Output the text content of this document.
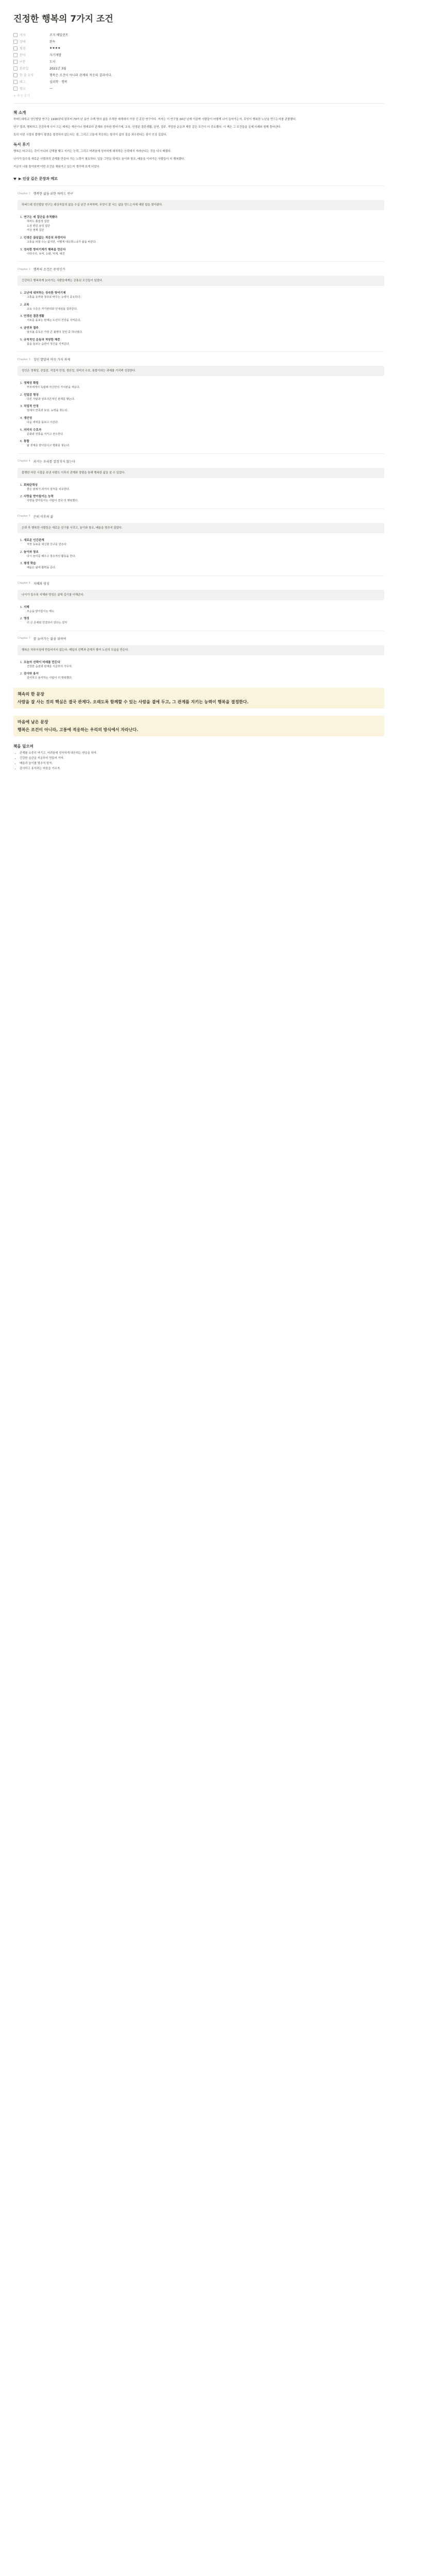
진정한 행복의 7가지 조건
저자	조지 베일런트
상태	완독
평점	★★★★
분야	자기계발
구분	도서
완료일	2021년 3월
한 줄 요약	행복은 조건이 아니라 관계와 적응의 결과이다.
태그	심리학 · 행복
링크	—
+ 속성 추가
책 소개

하버드대학교 성인발달 연구는 1930년대 말부터 70여 년 동안 수백 명의 삶을 추적한 세계에서 가장 긴 종단 연구이다. 저자는 이 연구를 30년 넘게 이끌며 사람들이 어떻게 나이 들어가는지, 무엇이 행복한 노년을 만드는지를 관찰했다.

연구 결과, 행복하고 건강하게 나이 드는 데에는 재산이나 명예보다 관계와 성숙한 방어기제, 교육, 안정된 결혼생활, 금연, 절주, 적당한 운동과 체중 같은 조건이 더 중요했다. 이 책은 그 조건들을 실제 사례와 함께 풀어낸다.

특히 어린 시절의 불행이 평생을 결정하지 않는다는 점, 그리고 고통에 적응하는 방식이 삶의 질을 좌우한다는 점이 인상 깊었다.

독서 후기

행복은 타고나는 것이 아니라 관계를 맺고 지키는 능력, 그리고 어려움에 성숙하게 대처하는 능력에서 자라난다는 것을 다시 배웠다.

나이가 들수록 새로운 사람과의 관계를 만들어 가는 노력이 필요하다. 일을 그만둔 뒤에도 놀이와 창조, 배움을 이어가는 사람들이 더 행복했다.

지금의 나를 돌아보며 어떤 조건을 채워가고 있는지 생각해 보게 되었다.

▶ 인상 깊은 문장과 메모
Chapter 1 행복한 삶을 위한 하버드 연구
하버드대 성인발달 연구는 대상자들의 삶을 수십 년간 추적하며, 무엇이 잘 사는 삶을 만드는지에 대한 답을 찾아왔다.
1. 연구는 세 집단을 추적했다
하버드 졸업생 집단
도심 빈민 남성 집단
여성 영재 집단
2. 인생은 끊임없는 적응의 과정이다
고통을 피할 수는 없지만, 어떻게 대응하느냐가 삶을 바꾼다.
3. 성숙한 방어기제가 행복을 만든다
이타주의, 유머, 승화, 억제, 예견
Chapter 2 행복의 조건은 무엇인가
건강하고 행복하게 늙어가는 사람들에게는 공통된 조건들이 있었다.
1. 고난에 대처하는 성숙한 방어기제
고통을 유머와 창조로 바꾸는 능력이 중요하다.
2. 교육
교육 수준은 자기관리와 인내심을 길러준다.
3. 안정된 결혼생활
서로를 돌보는 관계는 노년의 건강을 지켜준다.
4. 금연과 절주
알코올 중독은 가장 큰 불행의 원인 중 하나였다.
5. 규칙적인 운동과 적당한 체중
몸을 돌보는 습관이 정신을 지켜준다.
Chapter 3 성인 발달의 여섯 가지 과제
성인은 정체성, 친밀감, 직업적 안정, 생산성, 의미의 수호, 통합이라는 과제를 거치며 성장한다.
1. 정체성 확립
부모에게서 독립해 자신만의 가치관을 세운다.
2. 친밀감 형성
다른 사람과 상호의존적인 관계를 맺는다.
3. 직업적 안정
일에서 만족과 보상, 능력을 찾는다.
4. 생산성
다음 세대를 돌보고 이끈다.
5. 의미의 수호자
문화와 전통을 지키고 전수한다.
6. 통합
삶 전체를 받아들이고 평화를 찾는다.
Chapter 4 과거는 우리를 결정짓지 않는다
불행한 어린 시절을 보낸 사람도 이후의 관계와 경험을 통해 행복한 삶을 살 수 있었다.
1. 회복탄력성
좋은 관계가 과거의 상처를 치유한다.
2. 사랑을 받아들이는 능력
사랑을 받아들이는 사람이 결국 더 행복했다.
Chapter 5 은퇴 이후의 삶
은퇴 후 행복한 사람들은 새로운 친구를 사귀고, 놀이와 창조, 배움을 멈추지 않았다.
1. 새로운 인간관계
직장 동료를 대신할 친구를 만든다.
2. 놀이와 창조
다시 놀이를 배우고 창조적인 활동을 한다.
3. 평생 학습
배움은 삶에 활력을 준다.
Chapter 6 지혜와 영성
나이가 들수록 지혜와 영성은 삶에 깊이를 더해준다.
1. 지혜
모순을 받아들이는 태도
2. 영성
더 큰 존재와 연결되어 있다는 감각
Chapter 7 잘 늙어가는 삶을 위하여
행복은 하루아침에 만들어지지 않는다. 매일의 선택과 관계가 쌓여 노년의 모습을 만든다.
1. 오늘의 선택이 미래를 만든다
건강한 습관과 관계를 지금부터 가꾸자.
2. 감사와 용서
감사하고 용서하는 사람이 더 행복했다.
책속의 한 문장
사람을 잘 사는 것의 핵심은 결국 관계다. 오래도록 함께할 수 있는 사람을 곁에 두고, 그 관계를 지키는 능력이 행복을 결정한다.
마음에 남은 문장
행복은 조건이 아니라, 고통에 적응하는 우리의 방식에서 자라난다.
책을 덮으며
• 관계를 소중히 여기고, 어려움에 성숙하게 대응하는 연습을 하자.
• 건강한 습관을 지금부터 만들어 가자.
• 배움과 놀이를 멈추지 말자.
• 감사하고 용서하는 마음을 기르자.
